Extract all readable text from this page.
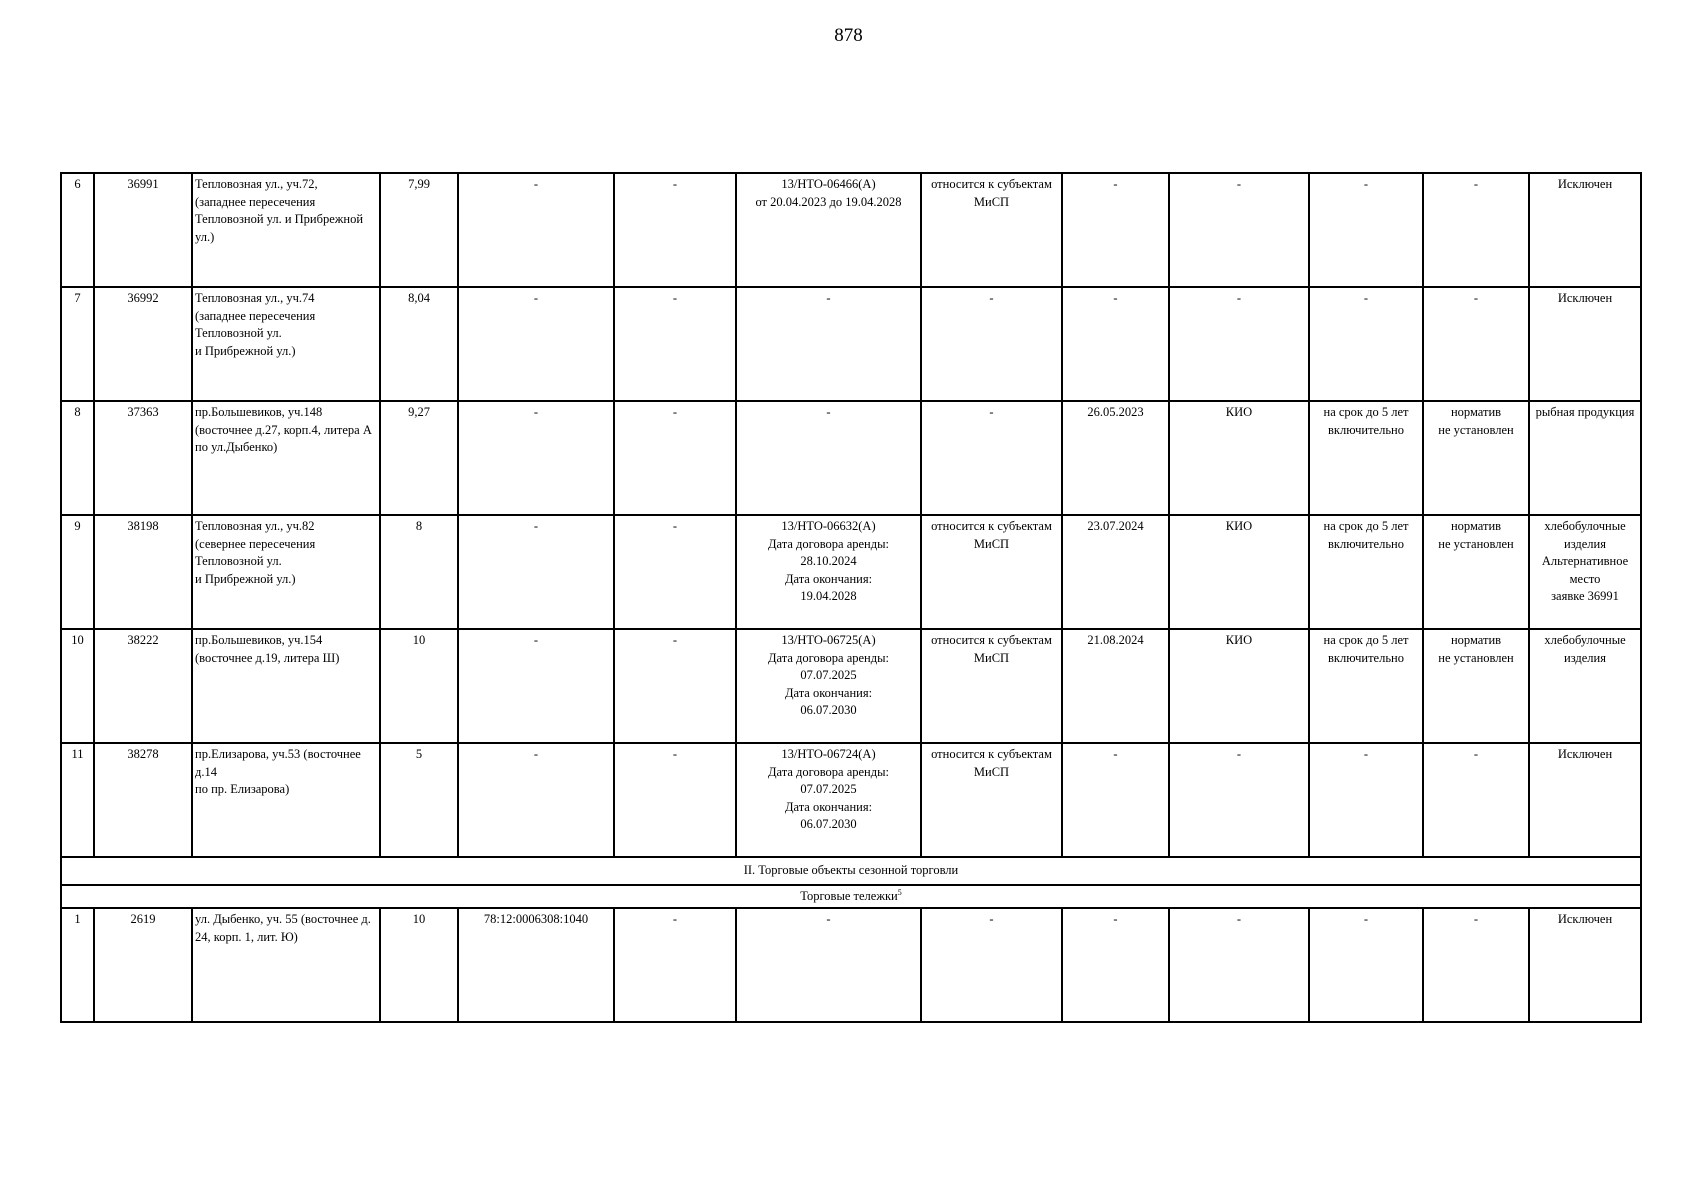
878
6	36991	Тепловозная ул., уч.72,
(западнее пересечения Тепловозной ул. и Прибрежной ул.)	7,99	-	-	13/НТО-06466(А)
от 20.04.2023 до 19.04.2028	относится к субъектам МиСП	-	-	-	-	Исключен
7	36992	Тепловозная ул., уч.74
(западнее пересечения Тепловозной ул.
и Прибрежной ул.)	8,04	-	-	-	-	-	-	-	-	Исключен
8	37363	пр.Большевиков, уч.148
(восточнее д.27, корп.4, литера А по ул.Дыбенко)	9,27	-	-	-	-	26.05.2023	КИО	на срок до 5 лет включительно	норматив
не установлен	рыбная продукция
9	38198	Тепловозная ул., уч.82
(севернее пересечения Тепловозной ул.
и Прибрежной ул.)	8	-	-	13/НТО-06632(А)
Дата договора аренды:
28.10.2024
Дата окончания:
19.04.2028	относится к субъектам МиСП	23.07.2024	КИО	на срок до 5 лет включительно	норматив
не установлен	хлебобулочные изделия
Альтернативное место
заявке 36991
10	38222	пр.Большевиков, уч.154
(восточнее д.19, литера Ш)	10	-	-	13/НТО-06725(А)
Дата договора аренды:
07.07.2025
Дата окончания:
06.07.2030	относится к субъектам МиСП	21.08.2024	КИО	на срок до 5 лет включительно	норматив
не установлен	хлебобулочные изделия
11	38278	пр.Елизарова, уч.53 (восточнее д.14
по пр. Елизарова)	5	-	-	13/НТО-06724(А)
Дата договора аренды:
07.07.2025
Дата окончания:
06.07.2030	относится к субъектам МиСП	-	-	-	-	Исключен
II. Торговые объекты сезонной торговли												
Торговые тележки$^5$
1	2619	ул. Дыбенко, уч. 55 (восточнее д. 24, корп. 1, лит. Ю)	10	78:12:0006308:1040	-	-	-	-	-	-	-	Исключен
